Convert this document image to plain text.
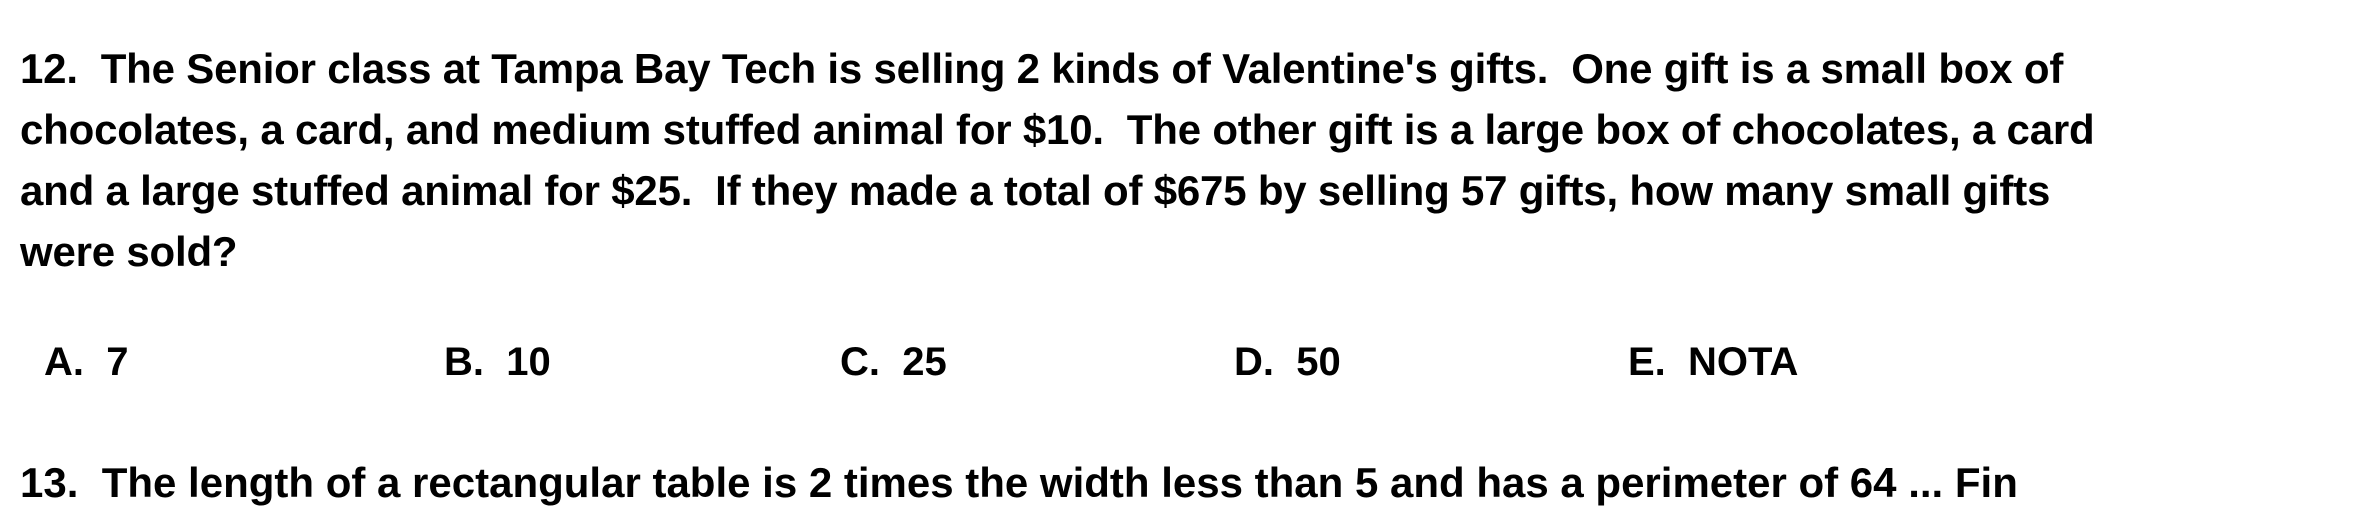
12.  The Senior class at Tampa Bay Tech is selling 2 kinds of Valentine's gifts.  One gift is a small box of
chocolates, a card, and medium stuffed animal for $10.  The other gift is a large box of chocolates, a card
and a large stuffed animal for $25.  If they made a total of $675 by selling 57 gifts, how many small gifts
were sold?
A.  7	B.  10	C.  25	D.  50	E.  NOTA
13.  The length of a rectangular table is 2 times the width less than 5 and has a perimeter of 64 ... Fin
